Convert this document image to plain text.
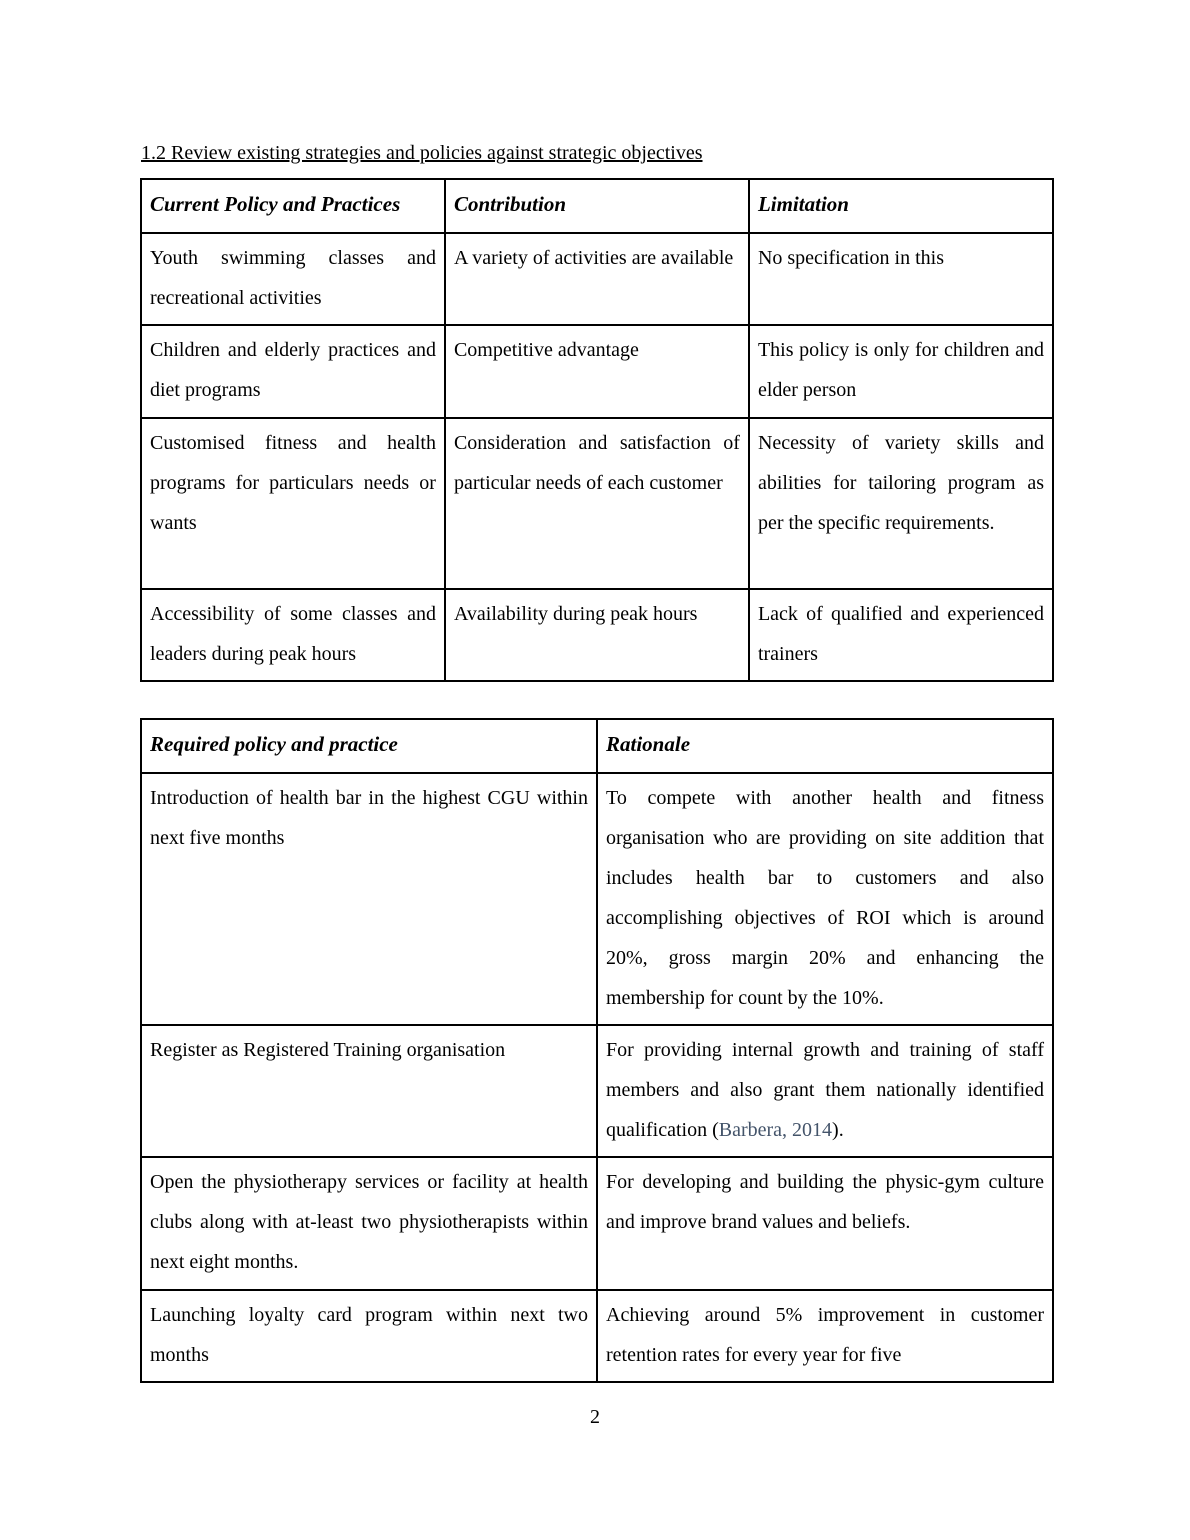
1.2 Review existing strategies and policies against strategic objectives
Current Policy and Practices	Contribution	Limitation
Youth swimming classes and recreational activities	A variety of activities are available	No specification in this
Children and elderly practices and diet programs	Competitive advantage	This policy is only for children and elder person
Customised fitness and health programs for particulars needs or wants	Consideration and satisfaction of particular needs of each customer	Necessity of variety skills and abilities for tailoring program as per the specific requirements.
Accessibility of some classes and leaders during peak hours	Availability during peak hours	Lack of qualified and experienced trainers
Required policy and practice	Rationale
Introduction of health bar in the highest CGU within next five months	To compete with another health and fitness organisation who are providing on site addition that includes health bar to customers and also accomplishing objectives of ROI which is around 20%, gross margin 20% and enhancing the membership for count by the 10%.
Register as Registered Training organisation	For providing internal growth and training of staff members and also grant them nationally identified qualification (Barbera, 2014).
Open the physiotherapy services or facility at health clubs along with at-least two physiotherapists within next eight months.	For developing and building the physic-gym culture and improve brand values and beliefs.
Launching loyalty card program within next two months	Achieving around 5% improvement in customer retention rates for every year for five
2
